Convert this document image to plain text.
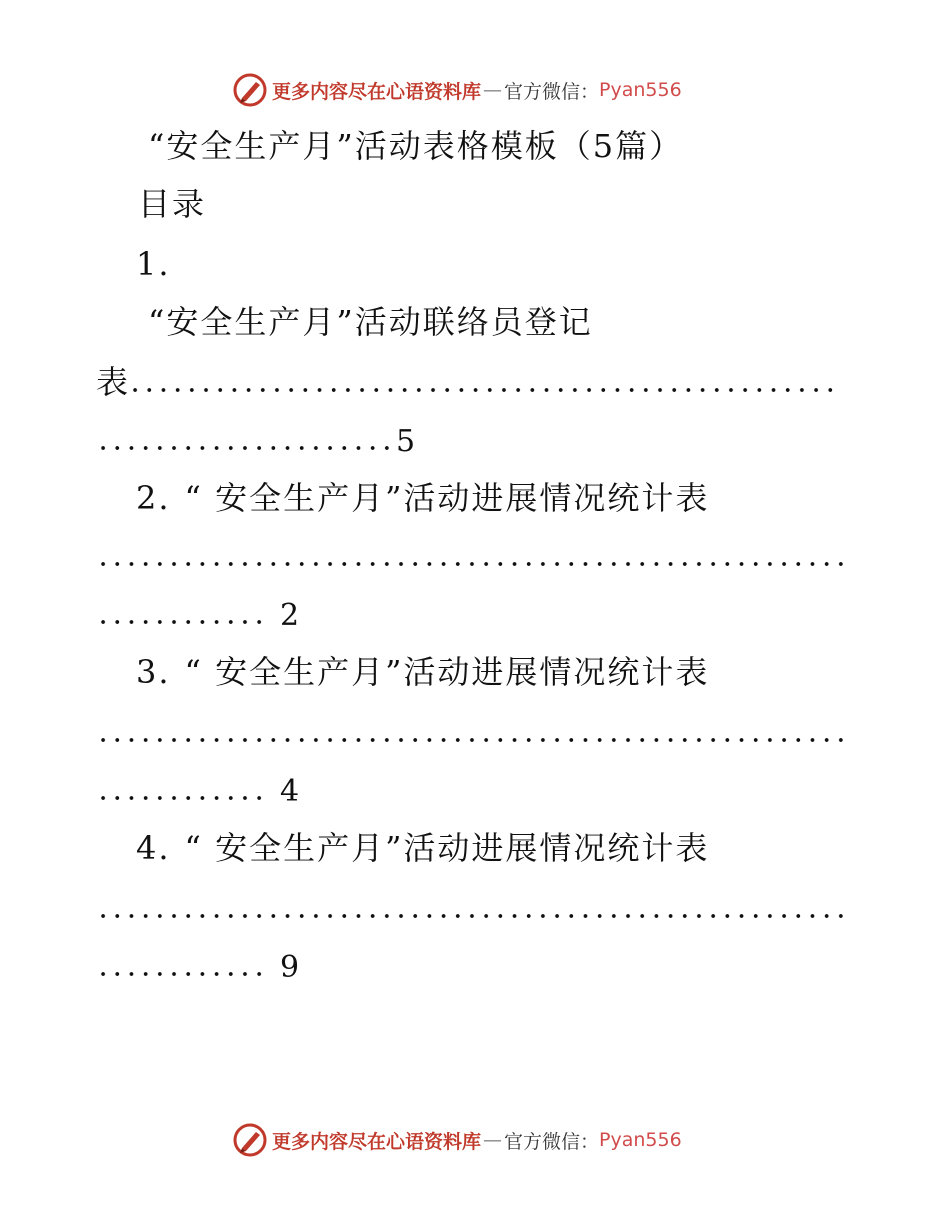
更多内容尽在心语资料库 — 官方微信： Pyan556
“安全生产月”活动表格模板（5篇）
目录
1.
“安全生产月”活动联络员登记
表
5
2. “ 安全生产月”活动进展情况统计表
2
3. “ 安全生产月”活动进展情况统计表
4
4. “ 安全生产月”活动进展情况统计表
9
更多内容尽在心语资料库 — 官方微信： Pyan556
